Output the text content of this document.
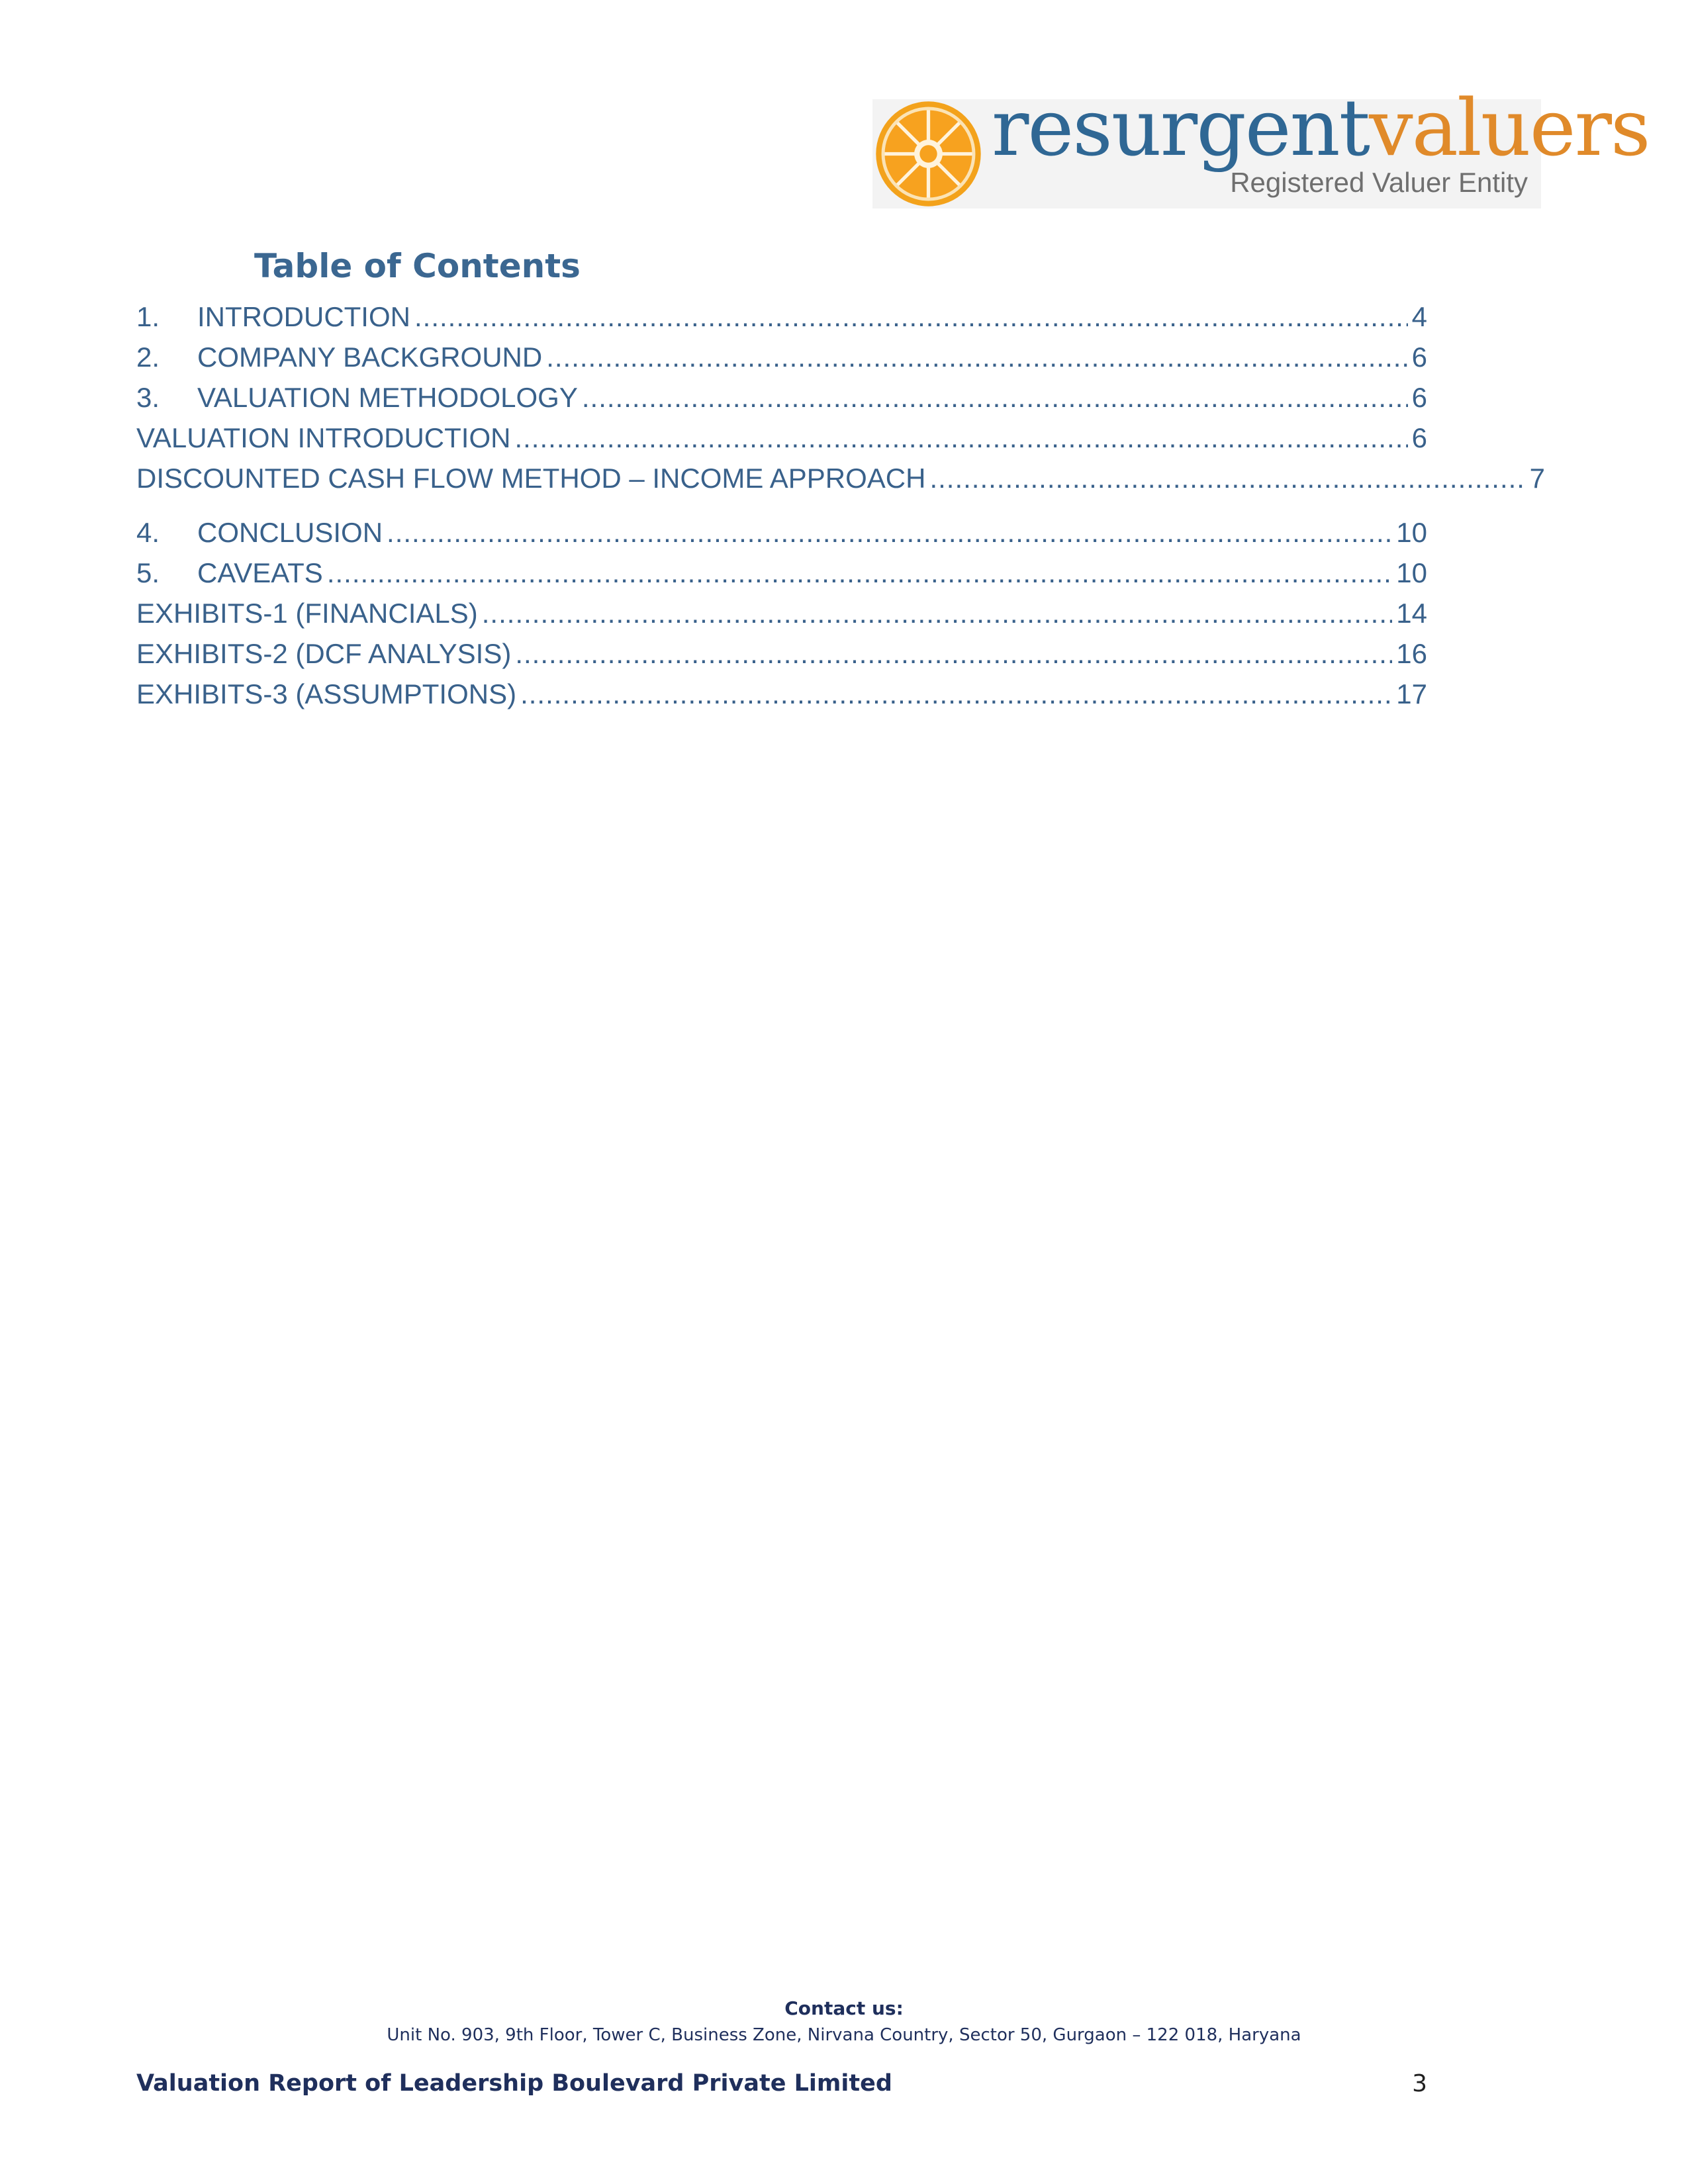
resurgentvaluers
Registered Valuer Entity
Table of Contents
1.	INTRODUCTION .....	4
2.	COMPANY BACKGROUND .....	6
3.	VALUATION METHODOLOGY .....	6
VALUATION INTRODUCTION .....	6
DISCOUNTED CASH FLOW METHOD – INCOME APPROACH .....	7
4.	CONCLUSION .....	10
5.	CAVEATS .....	10
EXHIBITS-1 (FINANCIALS) .....	14
EXHIBITS-2 (DCF ANALYSIS) .....	16
EXHIBITS-3 (ASSUMPTIONS) .....	17
Contact us:
Unit No. 903, 9th Floor, Tower C, Business Zone, Nirvana Country, Sector 50, Gurgaon – 122 018, Haryana
Valuation Report of Leadership Boulevard Private Limited	3
